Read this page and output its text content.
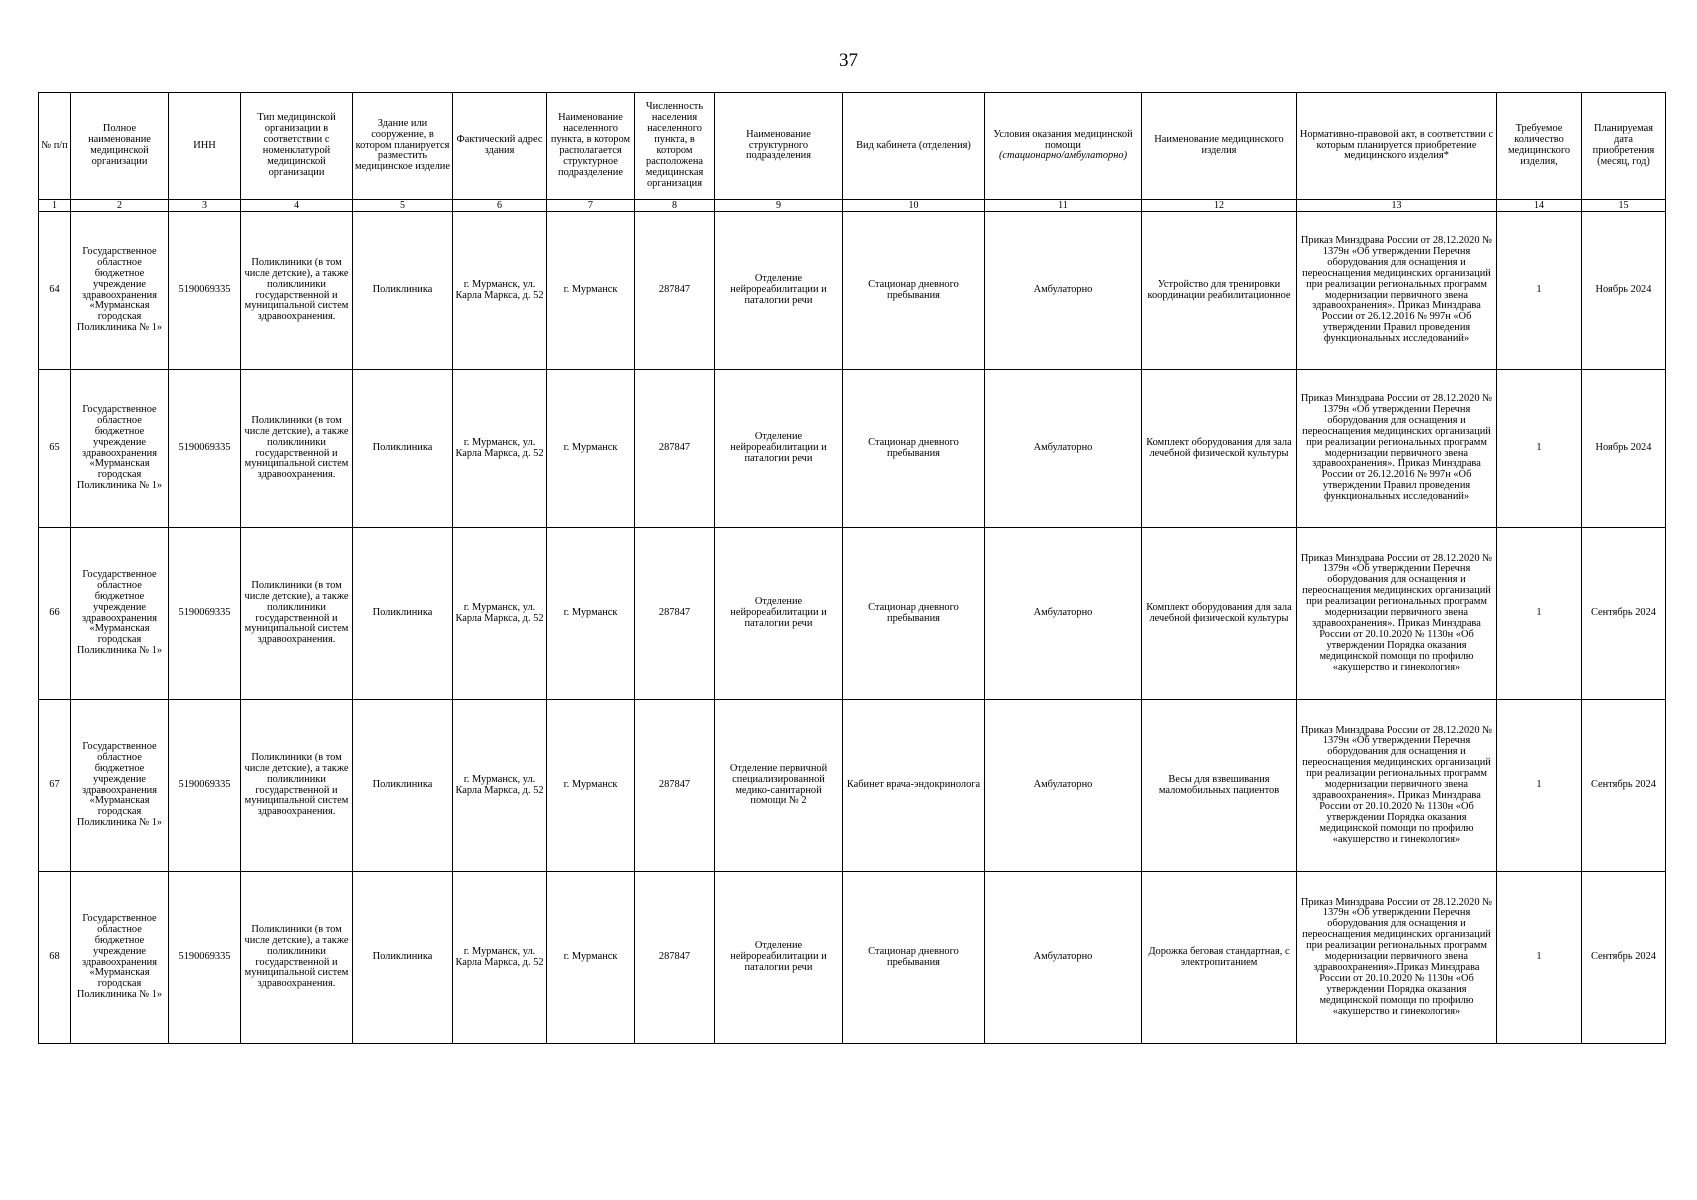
37
№ п/п	Полное наименование медицинской организации	ИНН	Тип медицинской организации в соответствии с номенклатурой медицинской организации	Здание или сооружение, в котором планируется разместить медицинское изделие	Фактический адрес здания	Наименование населенного пункта, в котором располагается структурное подразделение	Численность населения населенного пункта, в котором расположена медицинская организация	Наименование структурного подразделения	Вид кабинета (отделения)	Условия оказания медицинской помощи
(стационарно/амбулаторно)	Наименование медицинского изделия	Нормативно-правовой акт, в соответствии с которым планируется приобретение медицинского изделия*	Требуемое количество медицинского изделия,	Планируемая дата приобретения (месяц, год)
1	2	3	4	5	6	7	8	9	10	11	12	13	14	15
64	Государственное областное бюджетное учреждение здравоохранения «Мурманская городская Поликлиника № 1»	5190069335	Поликлиники (в том числе детские), а также поликлиники государственной и муниципальной систем здравоохранения.	Поликлиника	г. Мурманск, ул. Карла Маркса, д. 52	г. Мурманск	287847	Отделение нейрореабилитации и паталогии речи	Стационар дневного пребывания	Амбулаторно	Устройство для тренировки координации реабилитационное	Приказ Минздрава России от 28.12.2020 № 1379н «Об утверждении Перечня оборудования для оснащения и переоснащения медицинских организаций при реализации региональных программ модернизации первичного звена здравоохранения». Приказ Минздрава России от 26.12.2016 № 997н «Об утверждении Правил проведения функциональных исследований»	1	Ноябрь 2024
65	Государственное областное бюджетное учреждение здравоохранения «Мурманская городская Поликлиника № 1»	5190069335	Поликлиники (в том числе детские), а также поликлиники государственной и муниципальной систем здравоохранения.	Поликлиника	г. Мурманск, ул. Карла Маркса, д. 52	г. Мурманск	287847	Отделение нейрореабилитации и паталогии речи	Стационар дневного пребывания	Амбулаторно	Комплект оборудования для зала лечебной физической культуры	Приказ Минздрава России от 28.12.2020 № 1379н «Об утверждении Перечня оборудования для оснащения и переоснащения медицинских организаций при реализации региональных программ модернизации первичного звена здравоохранения». Приказ Минздрава России от 26.12.2016 № 997н «Об утверждении Правил проведения функциональных исследований»	1	Ноябрь 2024
66	Государственное областное бюджетное учреждение здравоохранения «Мурманская городская Поликлиника № 1»	5190069335	Поликлиники (в том числе детские), а также поликлиники государственной и муниципальной систем здравоохранения.	Поликлиника	г. Мурманск, ул. Карла Маркса, д. 52	г. Мурманск	287847	Отделение нейрореабилитации и паталогии речи	Стационар дневного пребывания	Амбулаторно	Комплект оборудования для зала лечебной физической культуры	Приказ Минздрава России от 28.12.2020 № 1379н «Об утверждении Перечня оборудования для оснащения и переоснащения медицинских организаций при реализации региональных программ модернизации первичного звена здравоохранения». Приказ Минздрава России от 20.10.2020 № 1130н «Об утверждении Порядка оказания медицинской помощи по профилю «акушерство и гинекология»	1	Сентябрь 2024
67	Государственное областное бюджетное учреждение здравоохранения «Мурманская городская Поликлиника № 1»	5190069335	Поликлиники (в том числе детские), а также поликлиники государственной и муниципальной систем здравоохранения.	Поликлиника	г. Мурманск, ул. Карла Маркса, д. 52	г. Мурманск	287847	Отделение первичной специализированной медико-санитарной помощи № 2	Кабинет врача-эндокринолога	Амбулаторно	Весы для взвешивания маломобильных пациентов	Приказ Минздрава России от 28.12.2020 № 1379н «Об утверждении Перечня оборудования для оснащения и переоснащения медицинских организаций при реализации региональных программ модернизации первичного звена здравоохранения». Приказ Минздрава России от 20.10.2020 № 1130н «Об утверждении Порядка оказания медицинской помощи по профилю «акушерство и гинекология»	1	Сентябрь 2024
68	Государственное областное бюджетное учреждение здравоохранения «Мурманская городская Поликлиника № 1»	5190069335	Поликлиники (в том числе детские), а также поликлиники государственной и муниципальной систем здравоохранения.	Поликлиника	г. Мурманск, ул. Карла Маркса, д. 52	г. Мурманск	287847	Отделение нейрореабилитации и паталогии речи	Стационар дневного пребывания	Амбулаторно	Дорожка беговая стандартная, с электропитанием	Приказ Минздрава России от 28.12.2020 № 1379н «Об утверждении Перечня оборудования для оснащения и переоснащения медицинских организаций при реализации региональных программ модернизации первичного звена здравоохранения».Приказ Минздрава России от 20.10.2020 № 1130н «Об утверждении Порядка оказания медицинской помощи по профилю «акушерство и гинекология»	1	Сентябрь 2024
